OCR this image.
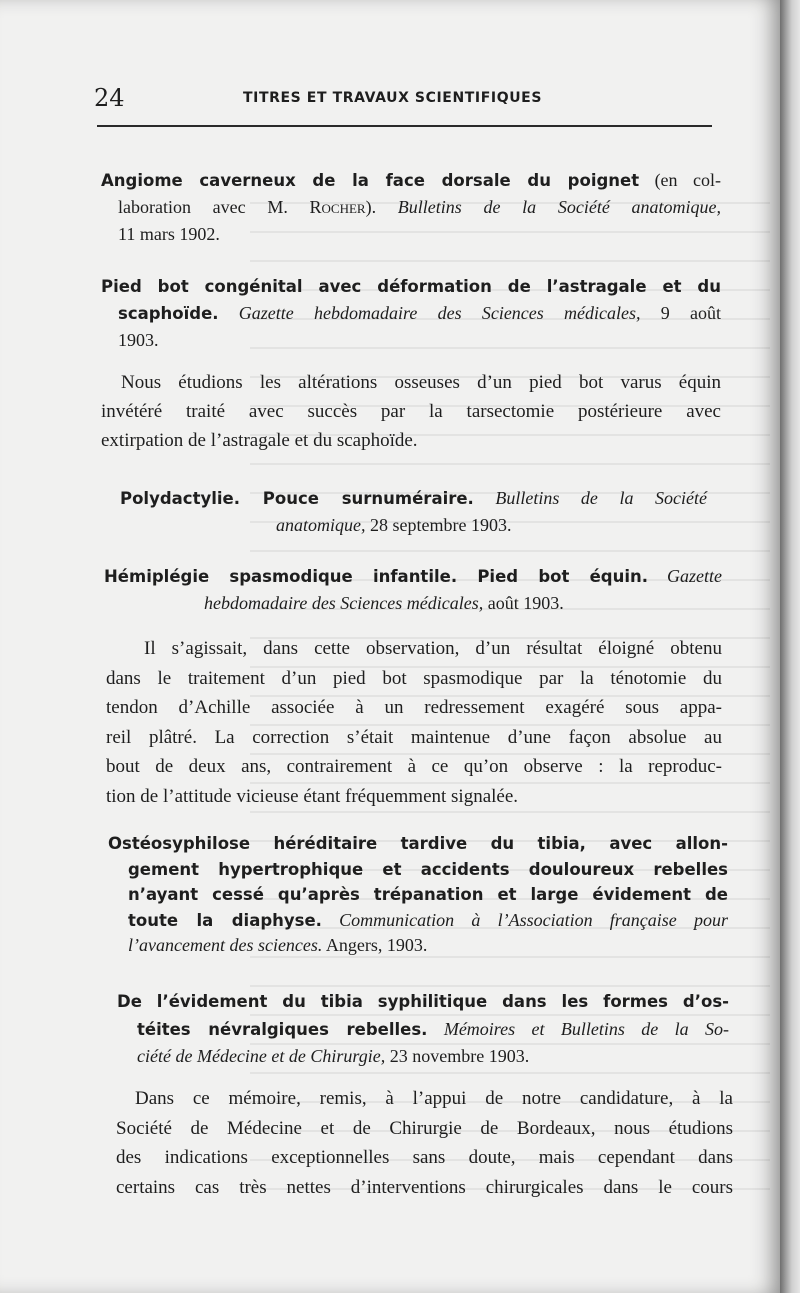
24	TITRES ET TRAVAUX SCIENTIFIQUES
Angiome caverneux de la face dorsale du poignet (en col-
laboration avec M. Rocher). Bulletins de la Société anatomique,
11 mars 1902.
Pied bot congénital avec déformation de l’astragale et du
scaphoïde. Gazette hebdomadaire des Sciences médicales, 9 août
1903.
Nous étudions les altérations osseuses d’un pied bot varus équin
invétéré traité avec succès par la tarsectomie postérieure avec
extirpation de l’astragale et du scaphoïde.
Polydactylie. Pouce surnuméraire. Bulletins de la Société
anatomique, 28 septembre 1903.
Hémiplégie spasmodique infantile. Pied bot équin. Gazette
hebdomadaire des Sciences médicales, août 1903.
Il s’agissait, dans cette observation, d’un résultat éloigné obtenu
dans le traitement d’un pied bot spasmodique par la ténotomie du
tendon d’Achille associée à un redressement exagéré sous appa-
reil plâtré. La correction s’était maintenue d’une façon absolue au
bout de deux ans, contrairement à ce qu’on observe : la reproduc-
tion de l’attitude vicieuse étant fréquemment signalée.
Ostéosyphilose héréditaire tardive du tibia, avec allon-
gement hypertrophique et accidents douloureux rebelles
n’ayant cessé qu’après trépanation et large évidement de
toute la diaphyse. Communication à l’Association française pour
l’avancement des sciences. Angers, 1903.
De l’évidement du tibia syphilitique dans les formes d’os-
téites névralgiques rebelles. Mémoires et Bulletins de la So-
ciété de Médecine et de Chirurgie, 23 novembre 1903.
Dans ce mémoire, remis, à l’appui de notre candidature, à la
Société de Médecine et de Chirurgie de Bordeaux, nous étudions
des indications exceptionnelles sans doute, mais cependant dans
certains cas très nettes d’interventions chirurgicales dans le cours
